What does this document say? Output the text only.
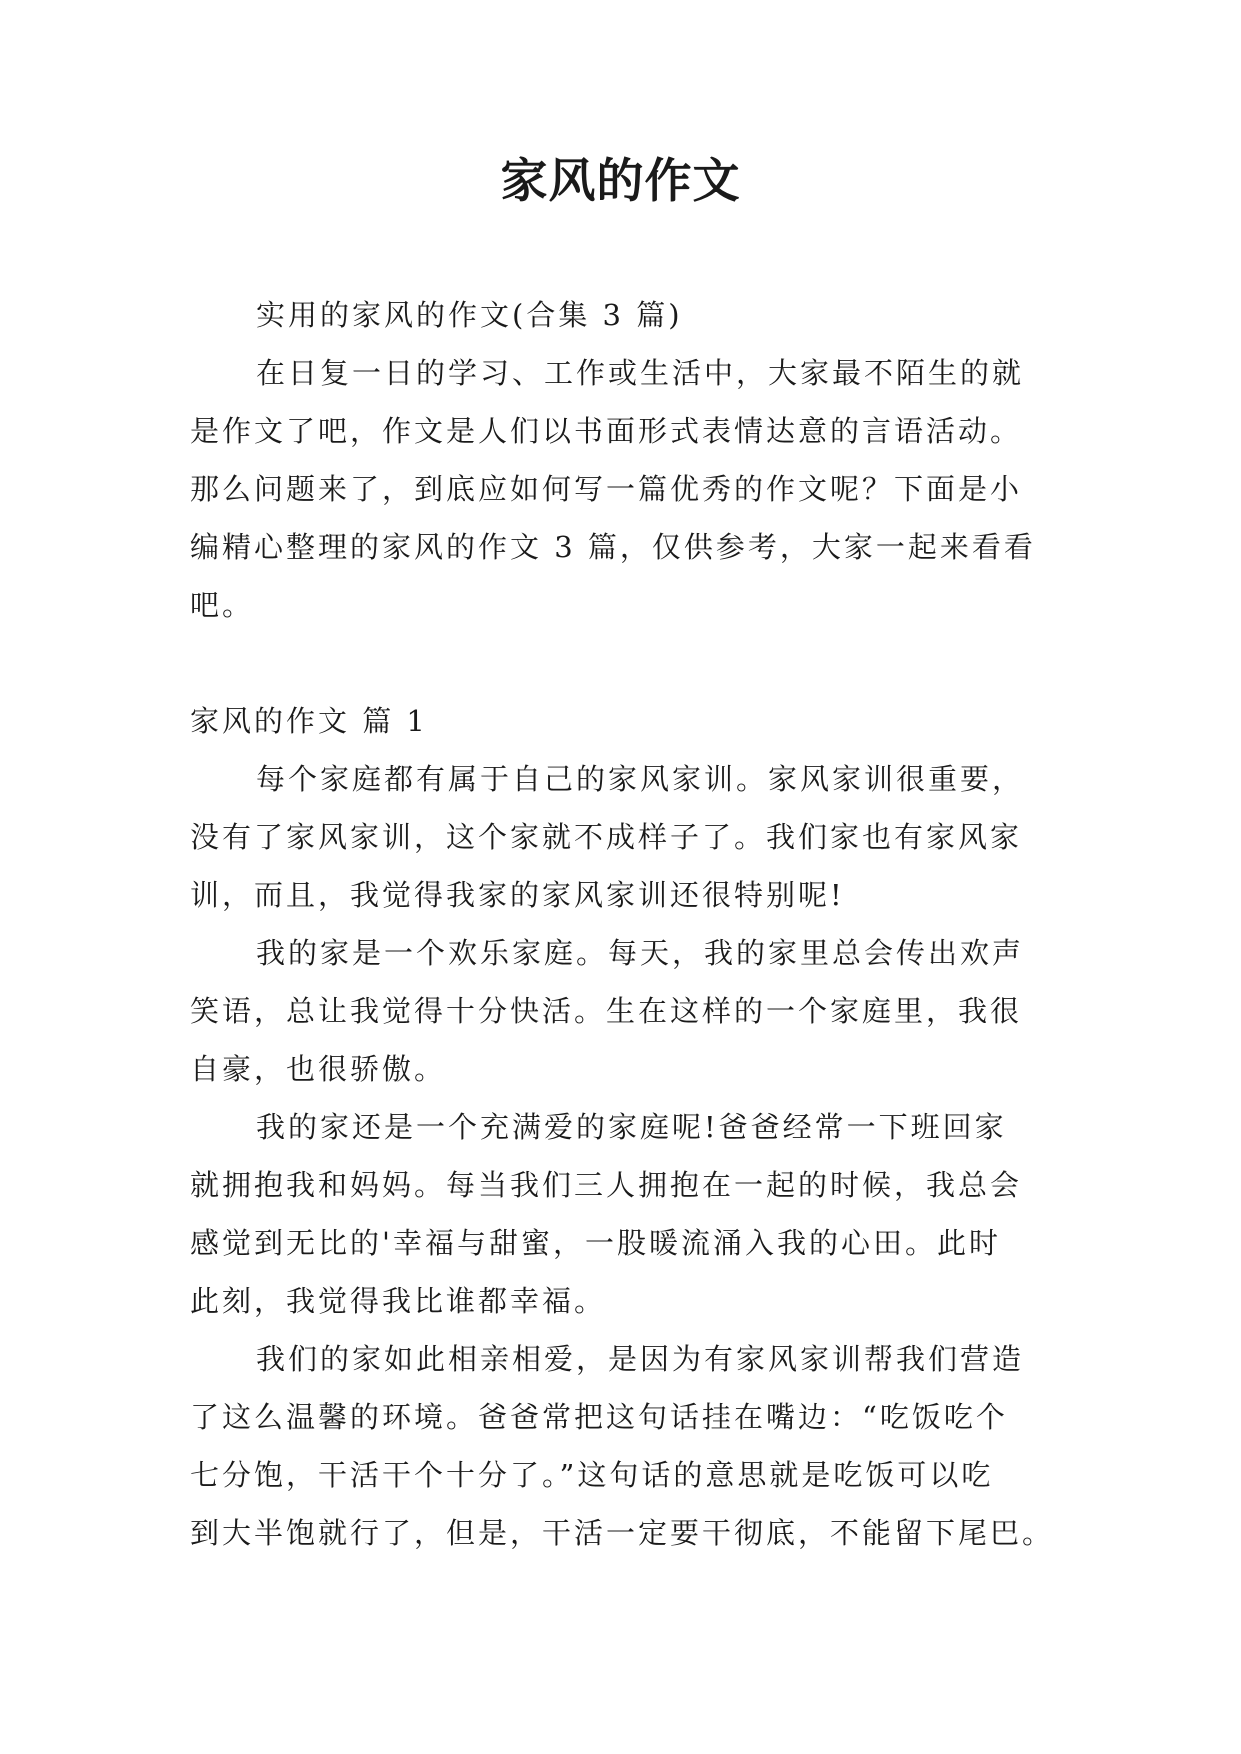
家风的作文

实用的家风的作文(合集 3 篇)

在日复一日的学习、工作或生活中，大家最不陌生的就

是作文了吧，作文是人们以书面形式表情达意的言语活动。

那么问题来了，到底应如何写一篇优秀的作文呢？下面是小

编精心整理的家风的作文 3 篇，仅供参考，大家一起来看看

吧。

家风的作文 篇 1

每个家庭都有属于自己的家风家训。家风家训很重要，

没有了家风家训，这个家就不成样子了。我们家也有家风家

训，而且，我觉得我家的家风家训还很特别呢!

我的家是一个欢乐家庭。每天，我的家里总会传出欢声

笑语，总让我觉得十分快活。生在这样的一个家庭里，我很

自豪，也很骄傲。

我的家还是一个充满爱的家庭呢!爸爸经常一下班回家

就拥抱我和妈妈。每当我们三人拥抱在一起的时候，我总会

感觉到无比的'幸福与甜蜜，一股暖流涌入我的心田。此时

此刻，我觉得我比谁都幸福。

我们的家如此相亲相爱，是因为有家风家训帮我们营造

了这么温馨的环境。爸爸常把这句话挂在嘴边：“吃饭吃个

七分饱，干活干个十分了。”这句话的意思就是吃饭可以吃

到大半饱就行了，但是，干活一定要干彻底，不能留下尾巴。
